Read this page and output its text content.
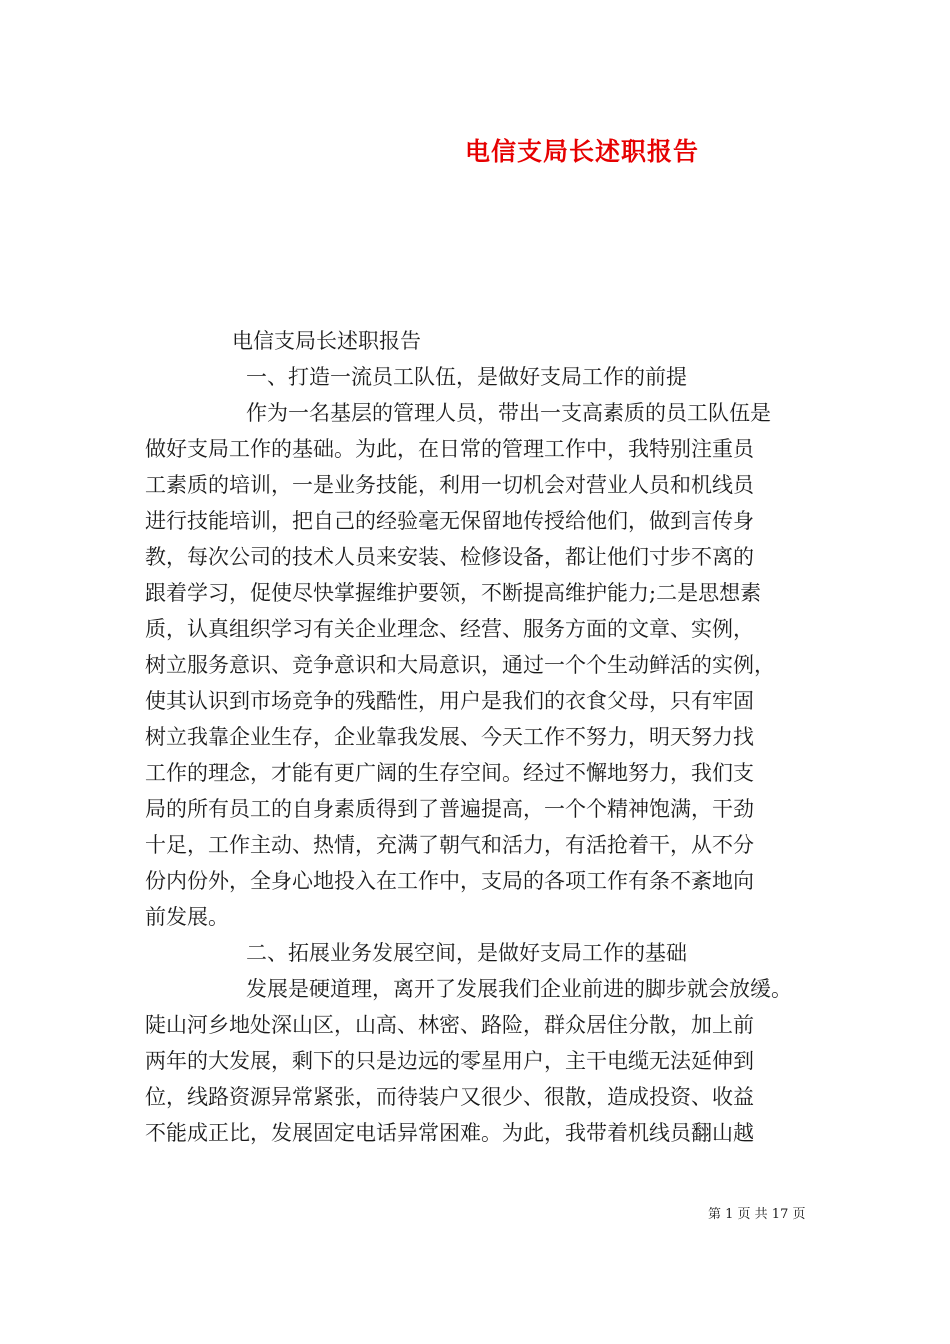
电信支局长述职报告
电信支局长述职报告
一、打造一流员工队伍，是做好支局工作的前提
作为一名基层的管理人员，带出一支高素质的员工队伍是
做好支局工作的基础。为此，在日常的管理工作中，我特别注重员
工素质的培训，一是业务技能，利用一切机会对营业人员和机线员
进行技能培训，把自己的经验毫无保留地传授给他们，做到言传身
教，每次公司的技术人员来安装、检修设备，都让他们寸步不离的
跟着学习，促使尽快掌握维护要领，不断提高维护能力;二是思想素
质，认真组织学习有关企业理念、经营、服务方面的文章、实例，
树立服务意识、竞争意识和大局意识，通过一个个生动鲜活的实例，
使其认识到市场竞争的残酷性，用户是我们的衣食父母，只有牢固
树立我靠企业生存，企业靠我发展、今天工作不努力，明天努力找
工作的理念，才能有更广阔的生存空间。经过不懈地努力，我们支
局的所有员工的自身素质得到了普遍提高，一个个精神饱满，干劲
十足，工作主动、热情，充满了朝气和活力，有活抢着干，从不分
份内份外，全身心地投入在工作中，支局的各项工作有条不紊地向
前发展。
二、拓展业务发展空间，是做好支局工作的基础
发展是硬道理，离开了发展我们企业前进的脚步就会放缓。
陡山河乡地处深山区，山高、林密、路险，群众居住分散，加上前
两年的大发展，剩下的只是边远的零星用户，主干电缆无法延伸到
位，线路资源异常紧张，而待装户又很少、很散，造成投资、收益
不能成正比，发展固定电话异常困难。为此，我带着机线员翻山越
第 1 页 共 17 页
